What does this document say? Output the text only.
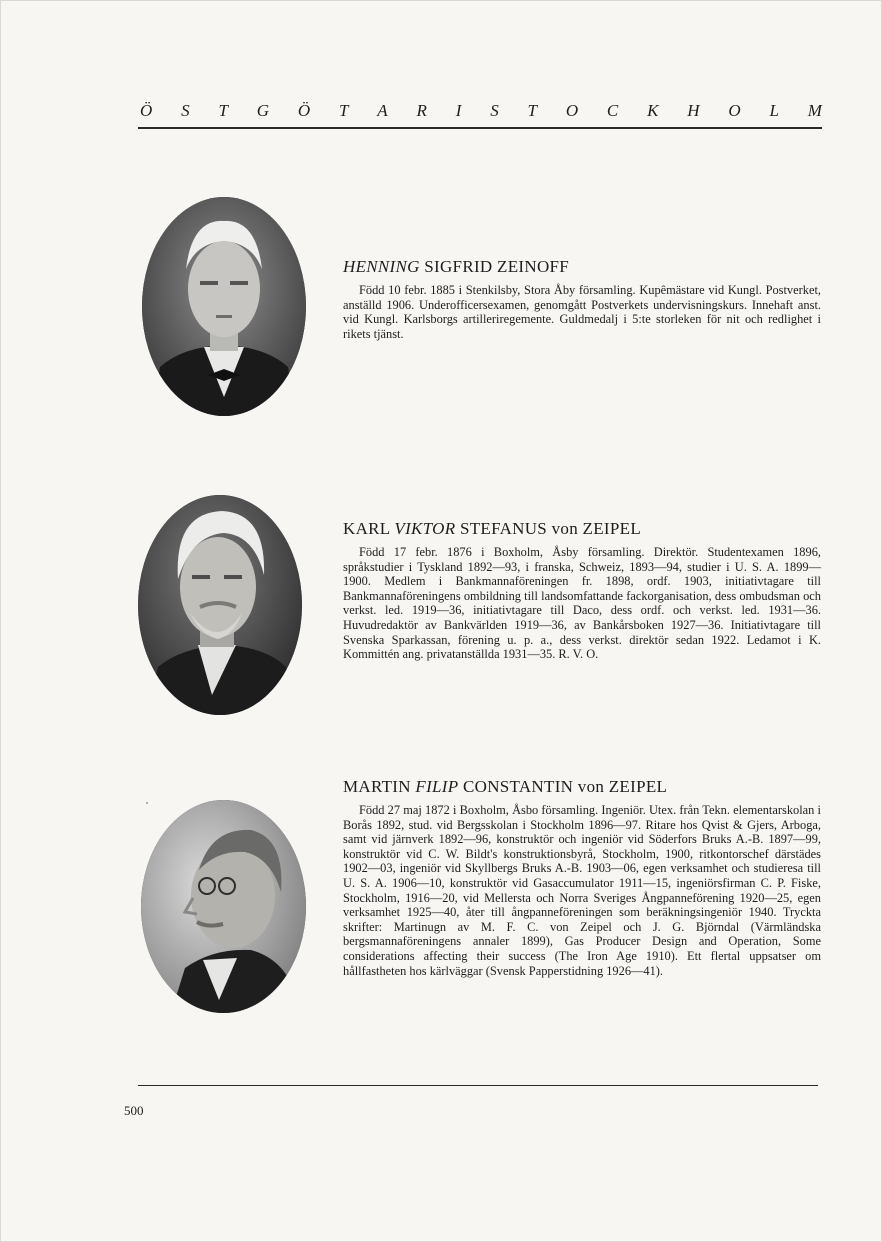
Ö S T G Ö T A R I S T O C K H O L M

HENNING SIGFRID ZEINOFF

Född 10 febr. 1885 i Stenkilsby, Stora Åby församling. Kupêmästare vid Kungl. Postverket, anställd 1906. Underofficersexamen, genomgått Postverkets undervisningskurs. Innehaft anst. vid Kungl. Karlsborgs artilleriregemente. Guldmedalj i 5:te storleken för nit och redlighet i rikets tjänst.

KARL VIKTOR STEFANUS von ZEIPEL

Född 17 febr. 1876 i Boxholm, Åsby församling. Direktör. Studentexamen 1896, språkstudier i Tyskland 1892—93, i franska, Schweiz, 1893—94, studier i U. S. A. 1899—1900. Medlem i Bankmannaföreningen fr. 1898, ordf. 1903, initiativtagare till Bankmannaföreningens ombildning till landsomfattande fackorganisation, dess ombudsman och verkst. led. 1919—36, initiativtagare till Daco, dess ordf. och verkst. led. 1931—36. Huvudredaktör av Bankvärlden 1919—36, av Bankårsboken 1927—36. Initiativtagare till Svenska Sparkassan, förening u. p. a., dess verkst. direktör sedan 1922. Ledamot i K. Kommittén ang. privatanställda 1931—35. R. V. O.

MARTIN FILIP CONSTANTIN von ZEIPEL

Född 27 maj 1872 i Boxholm, Åsbo församling. Ingeniör. Utex. från Tekn. elementarskolan i Borås 1892, stud. vid Bergsskolan i Stockholm 1896—97. Ritare hos Qvist & Gjers, Arboga, samt vid järnverk 1892—96, konstruktör och ingeniör vid Söderfors Bruks A.-B. 1897—99, konstruktör vid C. W. Bildt's konstruktionsbyrå, Stockholm, 1900, ritkontorschef därstädes 1902—03, ingeniör vid Skyllbergs Bruks A.-B. 1903—06, egen verksamhet och studieresa till U. S. A. 1906—10, konstruktör vid Gasaccumulator 1911—15, ingeniörsfirman C. P. Fiske, Stockholm, 1916—20, vid Mellersta och Norra Sveriges Ångpanneförening 1920—25, egen verksamhet 1925—40, åter till ångpanneföreningen som beräkningsingeniör 1940. Tryckta skrifter: Martinugn av M. F. C. von Zeipel och J. G. Björndal (Värmländska bergsmannaföreningens annaler 1899), Gas Producer Design and Operation, Some considerations affecting their success (The Iron Age 1910). Ett flertal uppsatser om hållfastheten hos kärlväggar (Svensk Papperstidning 1926—41).

500
